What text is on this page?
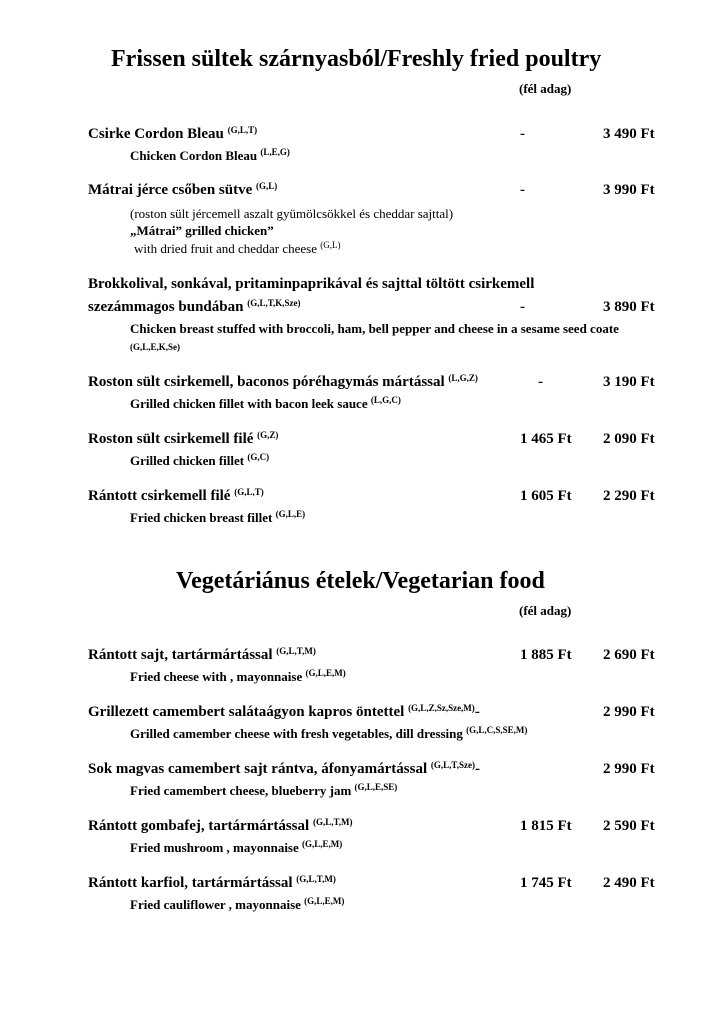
Frissen sültek szárnyasból/Freshly fried poultry
(fél adag)
Csirke Cordon Bleau $^{(G,L,T)}$	-	3 490 Ft
Chicken Cordon Bleau $^{(L,E,G)}$
Mátrai jérce csőben sütve $^{(G,L)}$	-	3 990 Ft
(roston sült jércemell aszalt gyümölcsökkel és cheddar sajttal)
„Mátrai” grilled chicken”
with dried fruit and cheddar cheese $^{(G,L)}$
Brokkolival, sonkával, pritaminpaprikával és sajttal töltött csirkemell
szezámmagos bundában $^{(G,L,T,K,Sze)}$	-	3 890 Ft
Chicken breast stuffed with broccoli, ham, bell pepper and cheese in a sesame seed coate
(G,L,E,K,Se)
Roston sült csirkemell, baconos póréhagymás mártással $^{(L,G,Z)}$	-	3 190 Ft
Grilled chicken fillet with bacon leek sauce $^{(L,G,C)}$
Roston sült csirkemell filé $^{(G,Z)}$	1 465 Ft 2 090 Ft
Grilled chicken fillet $^{(G,C)}$
Rántott csirkemell filé $^{(G,L,T)}$	1 605 Ft 2 290 Ft
Fried chicken breast fillet $^{(G,L,E)}$
Vegetáriánus ételek/Vegetarian food
(fél adag)
Rántott sajt, tartármártással $^{(G,L,T,M)}$	1 885 Ft 2 690 Ft
Fried cheese with , mayonnaise $^{(G,L,E,M)}$
Grillezett camembert salátaágyon kapros öntettel $^{(G,L,Z,Sz,Sze,M)}$-	2 990 Ft
Grilled camember cheese with fresh vegetables, dill dressing $^{(G,L,C,S,SE,M)}$
Sok magvas camembert sajt rántva, áfonyamártással $^{(G,L,T,Sze)}$-	2 990 Ft
Fried camembert cheese, blueberry jam $^{(G,L,E,SE)}$
Rántott gombafej, tartármártással $^{(G,L,T,M)}$	1 815 Ft 2 590 Ft
Fried mushroom , mayonnaise $^{(G,L,E,M)}$
Rántott karfiol, tartármártással $^{(G,L,T,M)}$	1 745 Ft 2 490 Ft
Fried cauliflower , mayonnaise $^{(G,L,E,M)}$
